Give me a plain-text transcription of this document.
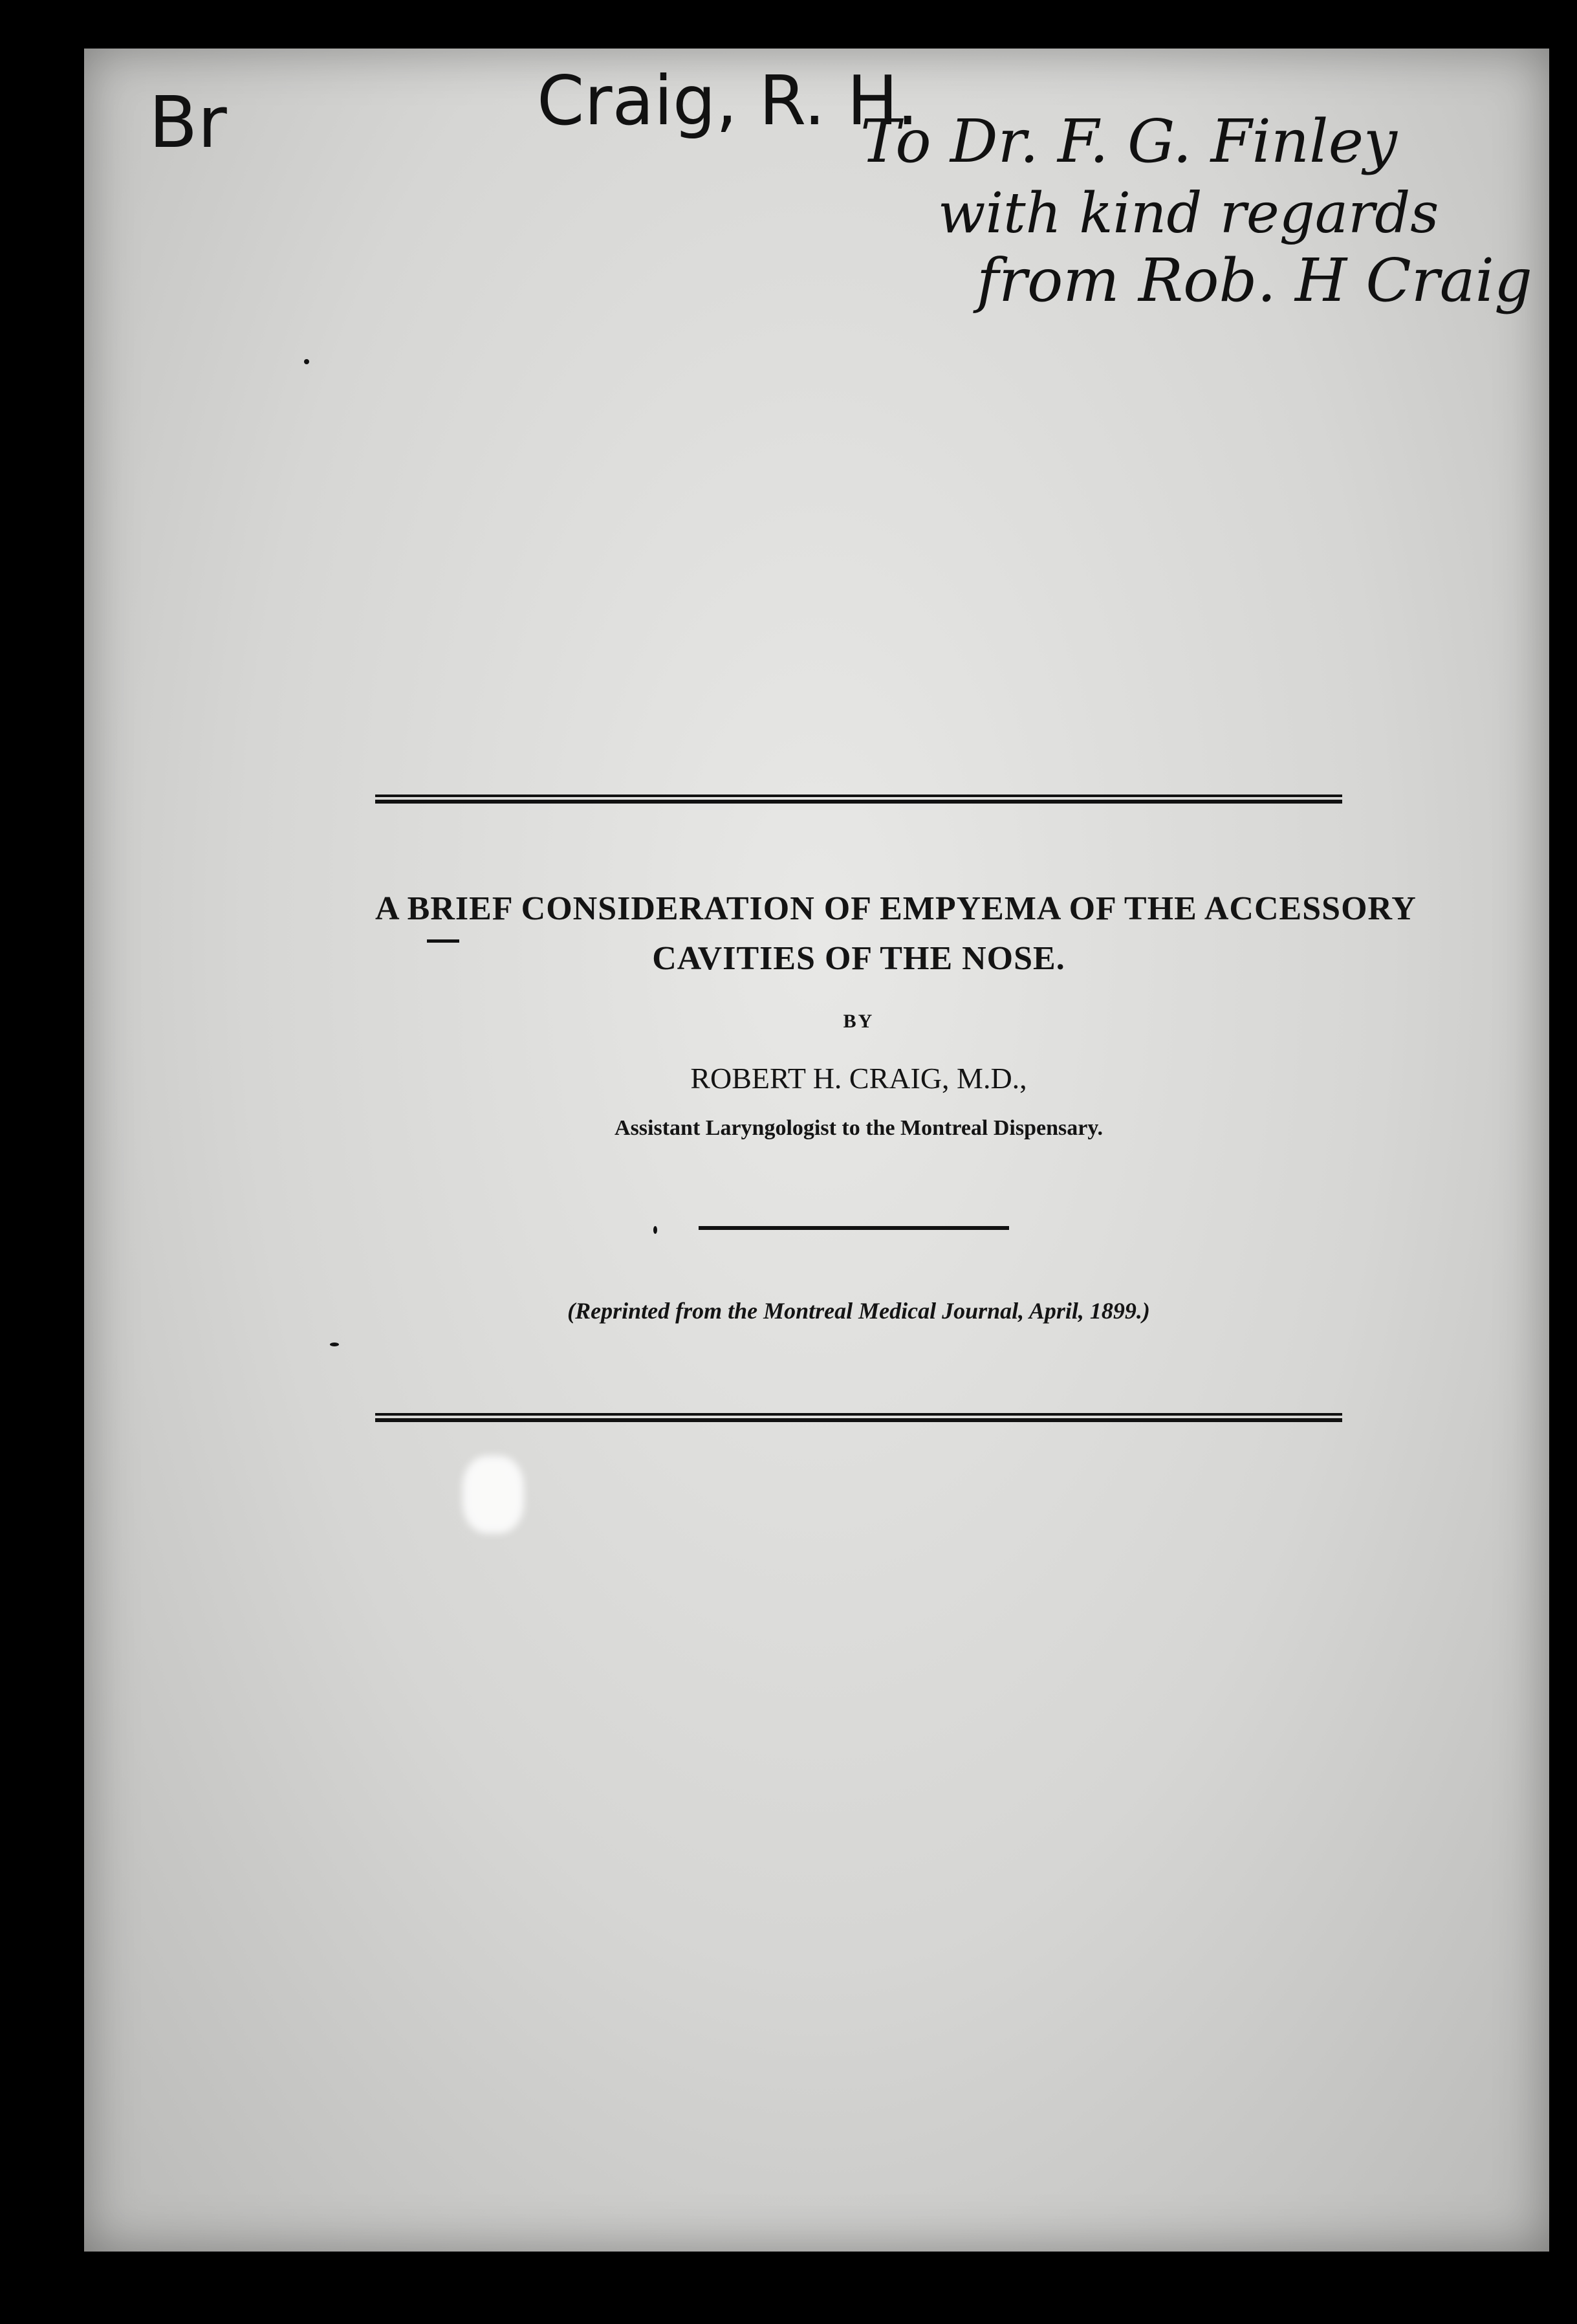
Br	Craig, R. H.
To Dr. F. G. Finley
with kind regards
from Rob. H Craig
A BRIEF CONSIDERATION OF EMPYEMA OF THE ACCESSORY
CAVITIES OF THE NOSE.
BY
ROBERT H. CRAIG, M.D.,
Assistant Laryngologist to the Montreal Dispensary.
(Reprinted from the Montreal Medical Journal, April, 1899.)
